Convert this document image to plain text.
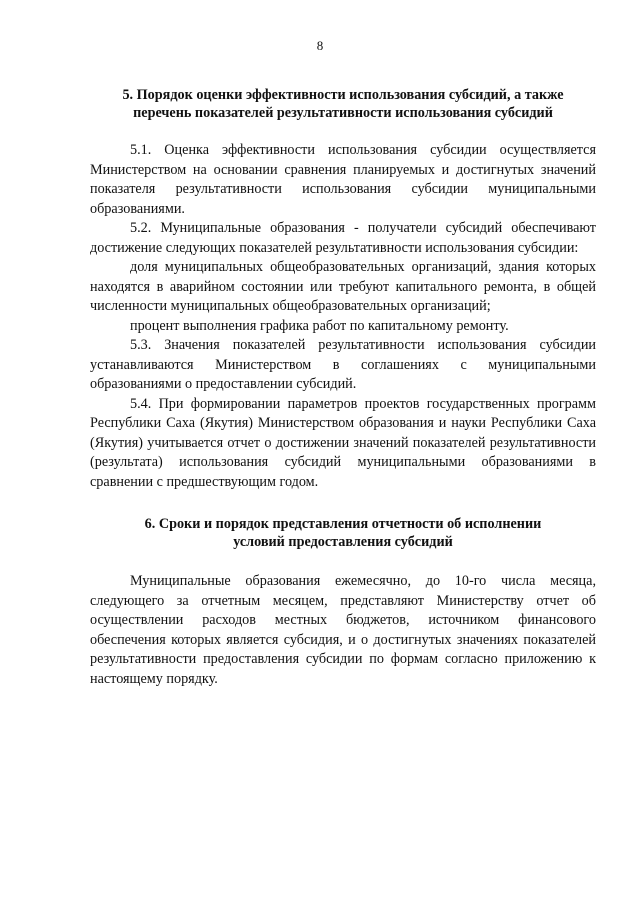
8
5. Порядок оценки эффективности использования субсидий, а также
перечень показателей результативности использования субсидий

5.1. Оценка эффективности использования субсидии осуществляется Министерством на основании сравнения планируемых и достигнутых значений показателя результативности использования субсидии муниципальными образованиями.

5.2. Муниципальные образования - получатели субсидий обеспечивают достижение следующих показателей результативности использования субсидии:

доля муниципальных общеобразовательных организаций, здания которых находятся в аварийном состоянии или требуют капитального ремонта, в общей численности муниципальных общеобразовательных организаций;

процент выполнения графика работ по капитальному ремонту.

5.3. Значения показателей результативности использования субсидии устанавливаются Министерством в соглашениях с муниципальными образованиями о предоставлении субсидий.

5.4. При формировании параметров проектов государственных программ Республики Саха (Якутия) Министерством образования и науки Республики Саха (Якутия) учитывается отчет о достижении значений показателей результативности (результата) использования субсидий муниципальными образованиями в сравнении с предшествующим годом.

6. Сроки и порядок представления отчетности об исполнении
условий предоставления субсидий

Муниципальные образования ежемесячно, до 10-го числа месяца, следующего за отчетным месяцем, представляют Министерству отчет об осуществлении расходов местных бюджетов, источником финансового обеспечения которых является субсидия, и о достигнутых значениях показателей результативности предоставления субсидии по формам согласно приложению к настоящему порядку.
